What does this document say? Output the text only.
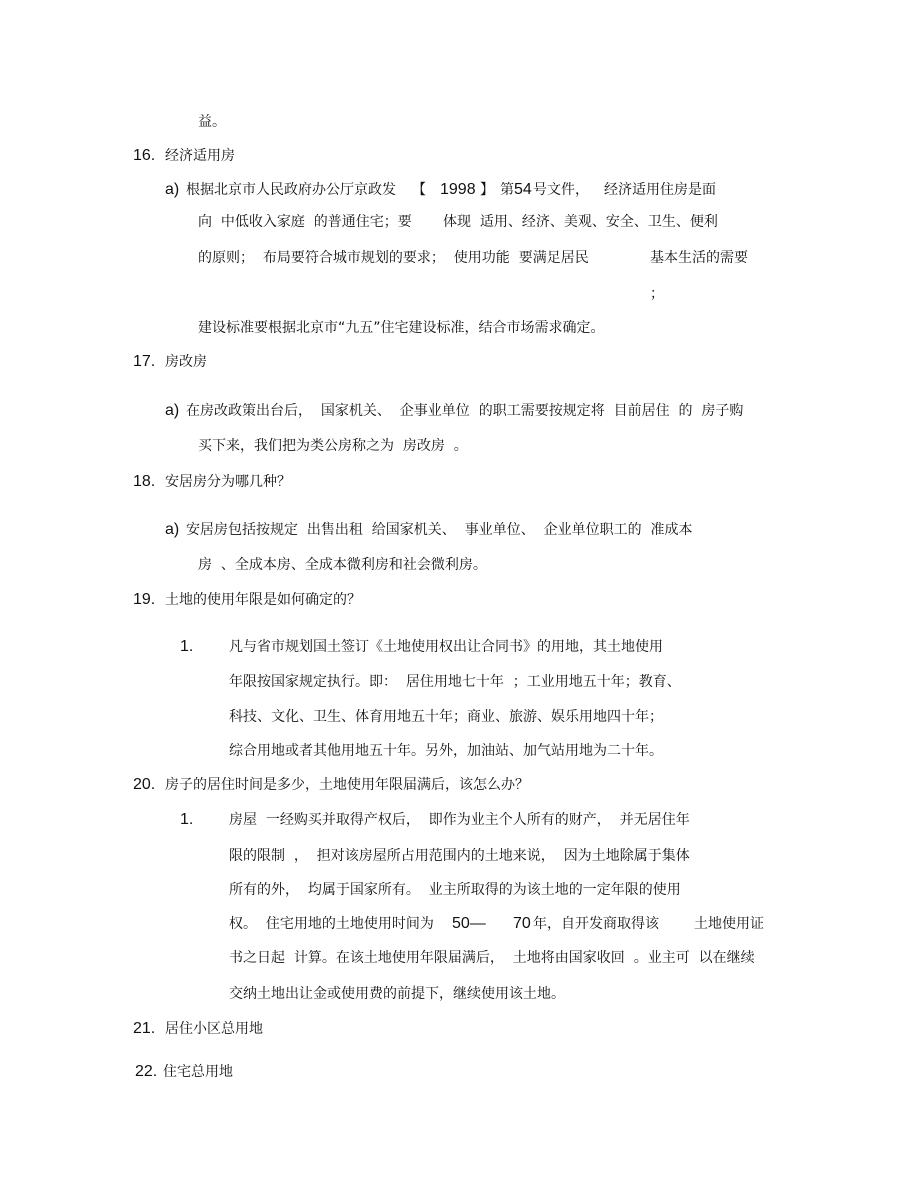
益。
16. 经济适用房
a) 根据北京市人民政府办公厅京政发 【 1998 】 第 54 号文件， 经济适用住房是面
向  中低收入家庭  的普通住宅；要 体现  适用、经济、美观、安全、卫生、便利
的原则；  布局要符合城市规划的要求；  使用功能  要满足居民	基本生活的需要
；
建设标准要根据北京市“九五”住宅建设标准，结合市场需求确定。
17. 房改房
a) 在房改政策出台后，  国家机关、  企事业单位  的职工需要按规定将  目前居住  的  房子购
买下来，我们把为类公房称之为  房改房  。
18. 安居房分为哪几种？
a) 安居房包括按规定  出售出租  给国家机关、  事业单位、  企业单位职工的  准成本
房  、全成本房、全成本微利房和社会微利房。
19. 土地的使用年限是如何确定的？
1.	凡与省市规划国土签订《土地使用权出让合同书》的用地，其土地使用
年限按国家规定执行。即：  居住用地七十年  ；工业用地五十年；教育、
科技、文化、卫生、体育用地五十年；商业、旅游、娱乐用地四十年；
综合用地或者其他用地五十年。另外，加油站、加气站用地为二十年。
20. 房子的居住时间是多少，土地使用年限届满后，该怎么办？
1.	房屋  一经购买并取得产权后，  即作为业主个人所有的财产，  并无居住年
限的限制  ，  担对该房屋所占用范围内的土地来说，  因为土地除属于集体
所有的外，  均属于国家所有。  业主所取得的为该土地的一定年限的使用
权。  住宅用地的土地使用时间为 50— 70 年，自开发商取得该	土地使用证
书之日起  计算。在该土地使用年限届满后，  土地将由国家收回  。业主可  以在继续
交纳土地出让金或使用费的前提下，继续使用该土地。
21. 居住小区总用地
22. 住宅总用地
